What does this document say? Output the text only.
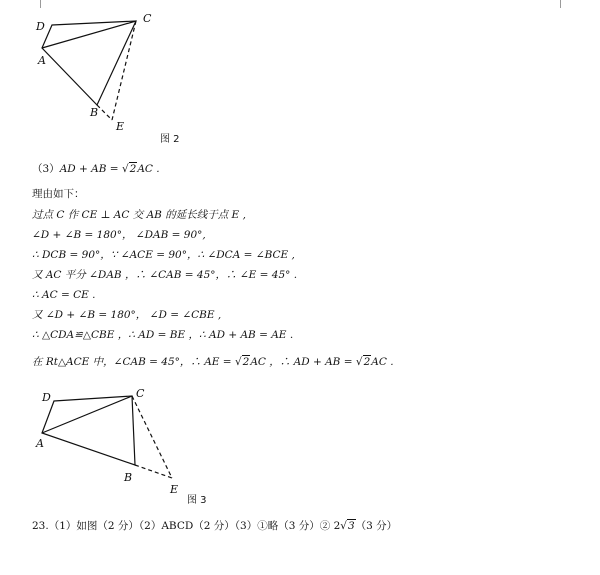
D
C
A
B
E
图 2
（3）AD + AB = √2AC .
理由如下：
过点 C 作 CE ⊥ AC 交 AB 的延长线于点 E ,
∠D + ∠B = 180°， ∠DAB = 90°,
∴ DCB = 90°，∵ ∠ACE = 90°，∴ ∠DCA = ∠BCE ,
又 AC 平分 ∠DAB ，∴ ∠CAB = 45°，∴ ∠E = 45° .
∴ AC = CE .
又 ∠D + ∠B = 180°， ∠D = ∠CBE ,
∴ △CDA≌△CBE ，∴ AD = BE ，∴ AD + AB = AE .
在 Rt△ACE 中，∠CAB = 45°，∴ AE = √2AC ，∴ AD + AB = √2AC .
D	C
A
B
E
图 3
23.（1）如图（2 分）（2）ABCD（2 分）（3）①略（3 分）② 2√3（3 分）
